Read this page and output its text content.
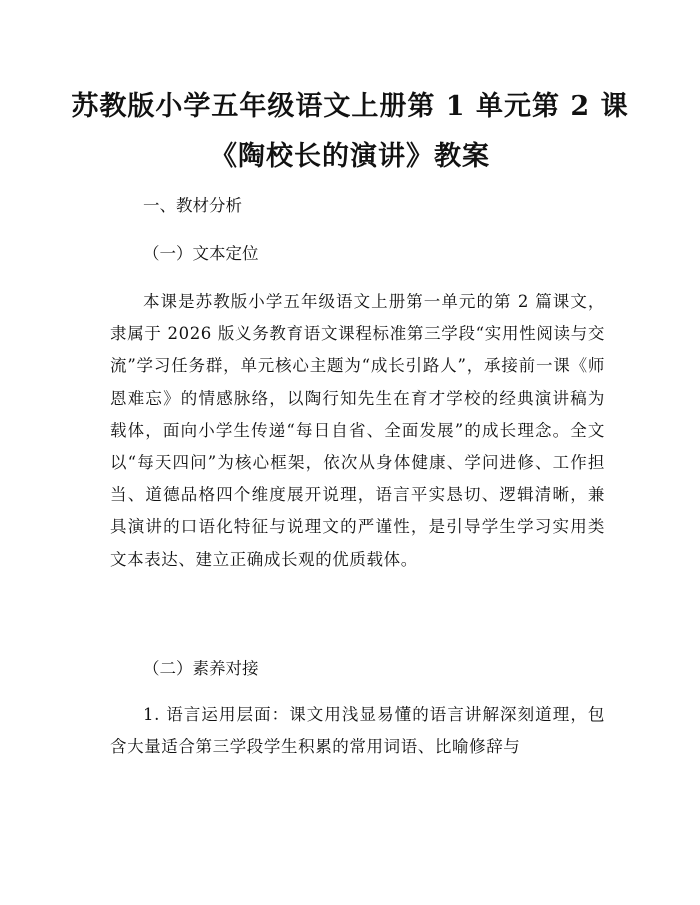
苏教版小学五年级语文上册第 1 单元第 2 课
《陶校长的演讲》教案
一、教材分析
（一）文本定位

本课是苏教版小学五年级语文上册第一单元的第 2 篇课文，隶属于 2026 版义务教育语文课程标准第三学段“实用性阅读与交流”学习任务群，单元核心主题为“成长引路人”，承接前一课《师恩难忘》的情感脉络，以陶行知先生在育才学校的经典演讲稿为载体，面向小学生传递“每日自省、全面发展”的成长理念。全文以“每天四问”为核心框架，依次从身体健康、学问进修、工作担当、道德品格四个维度展开说理，语言平实恳切、逻辑清晰，兼具演讲的口语化特征与说理文的严谨性，是引导学生学习实用类文本表达、建立正确成长观的优质载体。

（二）素养对接

1. 语言运用层面：课文用浅显易懂的语言讲解深刻道理，包含大量适合第三学段学生积累的常用词语、比喻修辞与
